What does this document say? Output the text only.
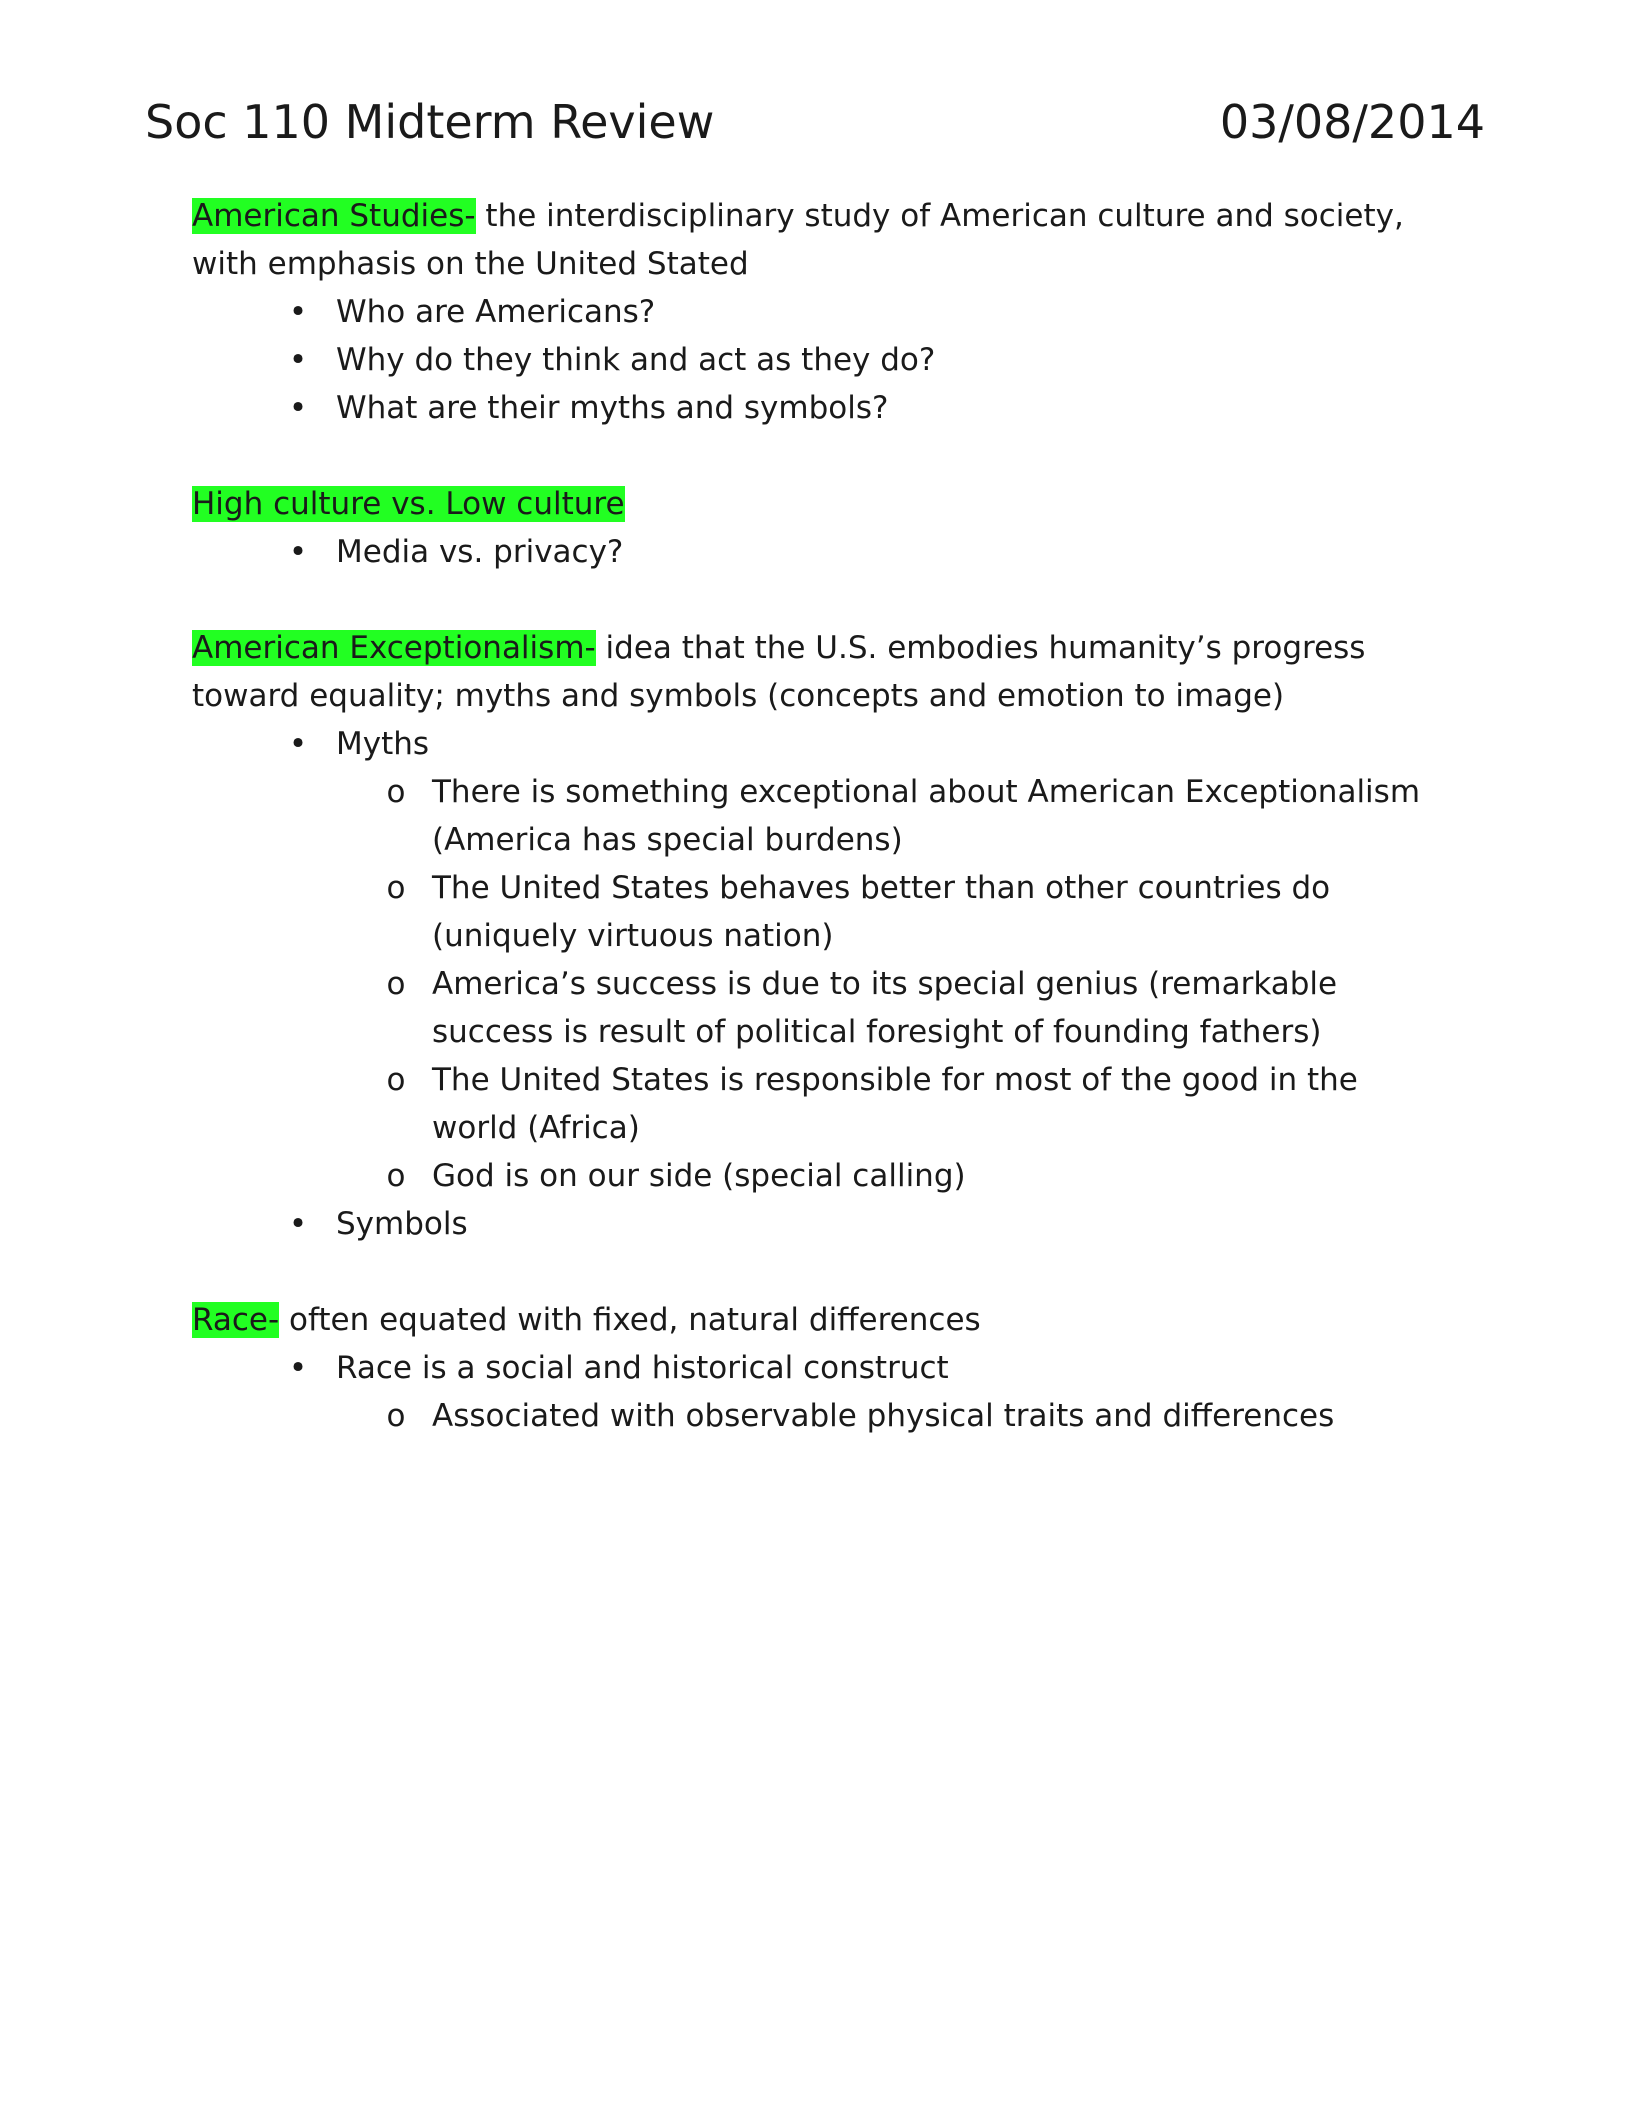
Soc 110 Midterm Review	03/08/2014

American Studies- the interdisciplinary study of American culture and society, with emphasis on the United Stated

• Who are Americans?
• Why do they think and act as they do?
• What are their myths and symbols?

High culture vs. Low culture

• Media vs. privacy?

American Exceptionalism- idea that the U.S. embodies humanity’s progress toward equality; myths and symbols (concepts and emotion to image)

• Myths
o There is something exceptional about American Exceptionalism (America has special burdens)
o The United States behaves better than other countries do (uniquely virtuous nation)
o America’s success is due to its special genius (remarkable success is result of political foresight of founding fathers)
o The United States is responsible for most of the good in the world (Africa)
o God is on our side (special calling)
• Symbols

Race- often equated with fixed, natural differences

• Race is a social and historical construct
o Associated with observable physical traits and differences
